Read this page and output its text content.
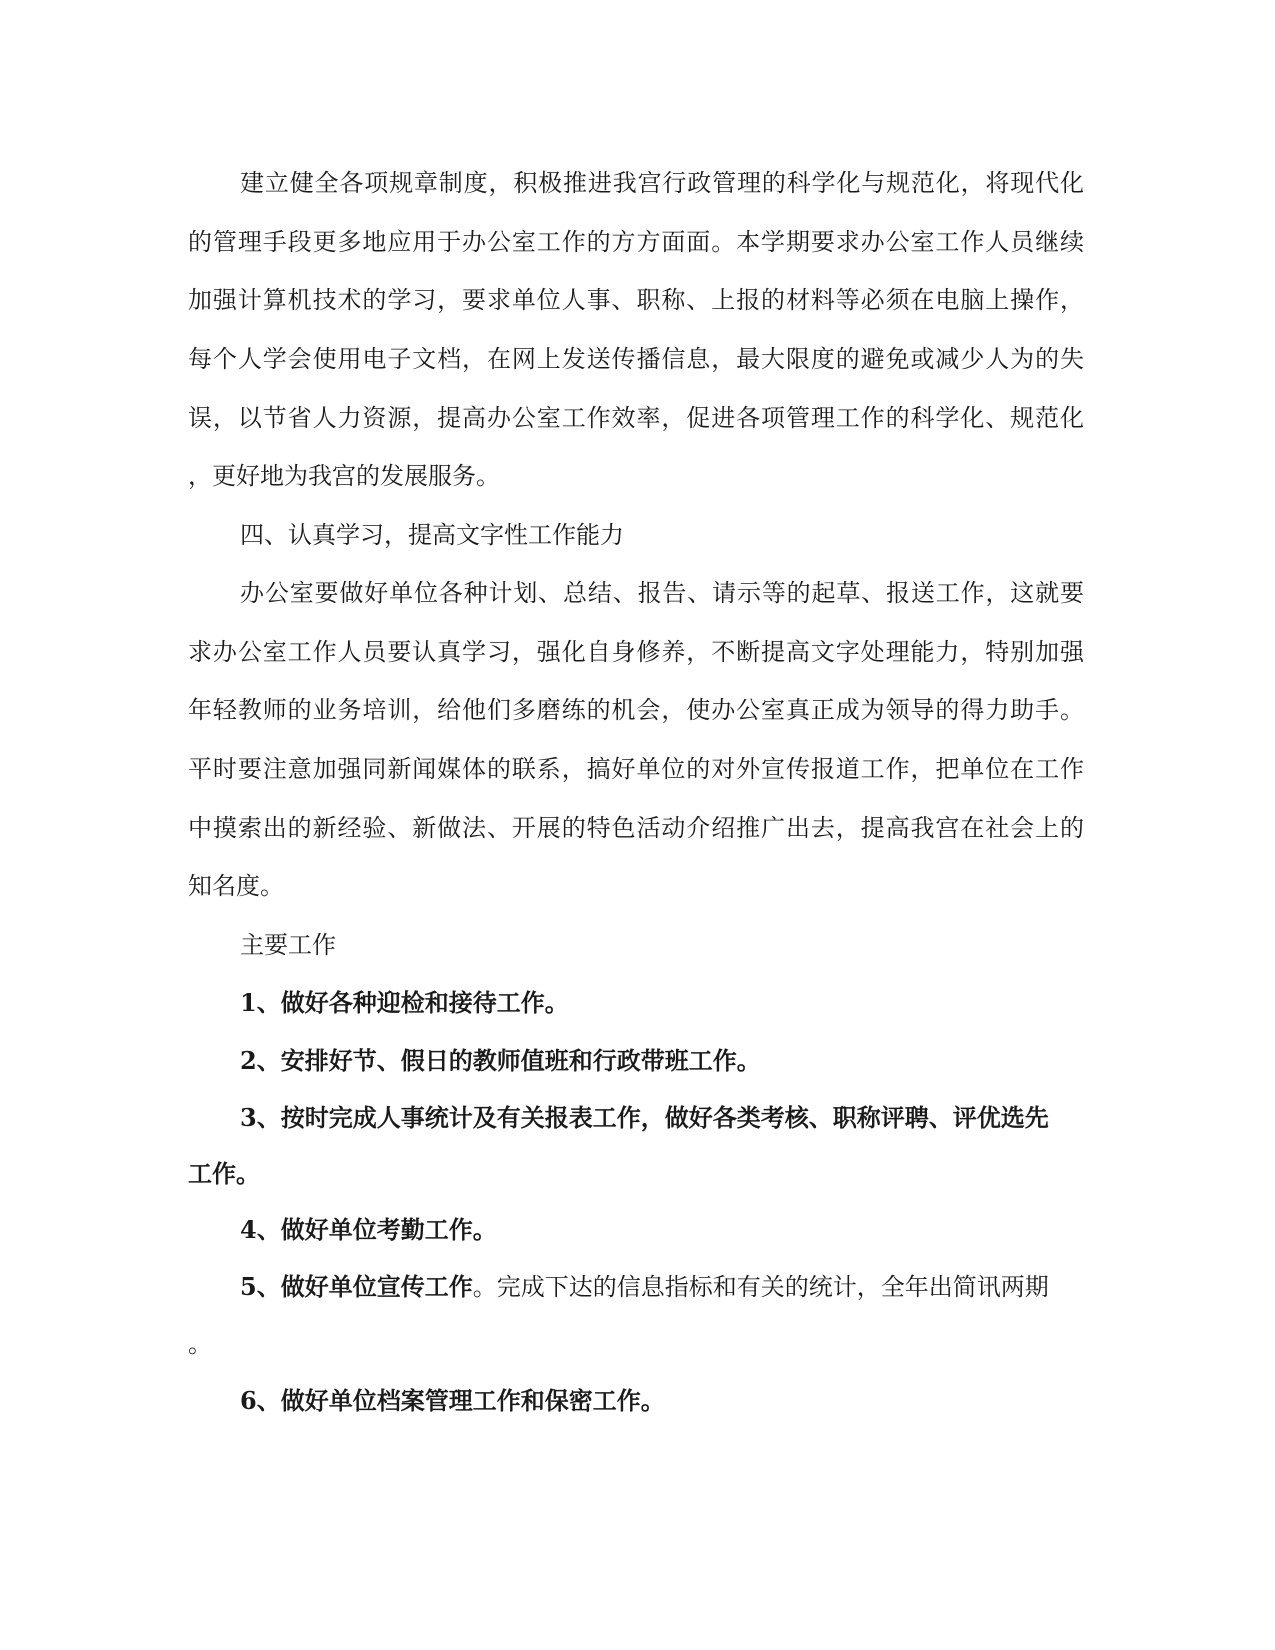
建立健全各项规章制度，积极推进我宫行政管理的科学化与规范化，将现代化
的管理手段更多地应用于办公室工作的方方面面。本学期要求办公室工作人员继续
加强计算机技术的学习，要求单位人事、职称、上报的材料等必须在电脑上操作，
每个人学会使用电子文档，在网上发送传播信息，最大限度的避免或减少人为的失
误，以节省人力资源，提高办公室工作效率，促进各项管理工作的科学化、规范化
，更好地为我宫的发展服务。
四、认真学习，提高文字性工作能力
办公室要做好单位各种计划、总结、报告、请示等的起草、报送工作，这就要
求办公室工作人员要认真学习，强化自身修养，不断提高文字处理能力，特别加强
年轻教师的业务培训，给他们多磨练的机会，使办公室真正成为领导的得力助手。
平时要注意加强同新闻媒体的联系，搞好单位的对外宣传报道工作，把单位在工作
中摸索出的新经验、新做法、开展的特色活动介绍推广出去，提高我宫在社会上的
知名度。
主要工作
1、做好各种迎检和接待工作。
2、安排好节、假日的教师值班和行政带班工作。
3、按时完成人事统计及有关报表工作，做好各类考核、职称评聘、评优选先
工作。
4、做好单位考勤工作。
5、做好单位宣传工作。完成下达的信息指标和有关的统计，全年出简讯两期
。
6、做好单位档案管理工作和保密工作。
